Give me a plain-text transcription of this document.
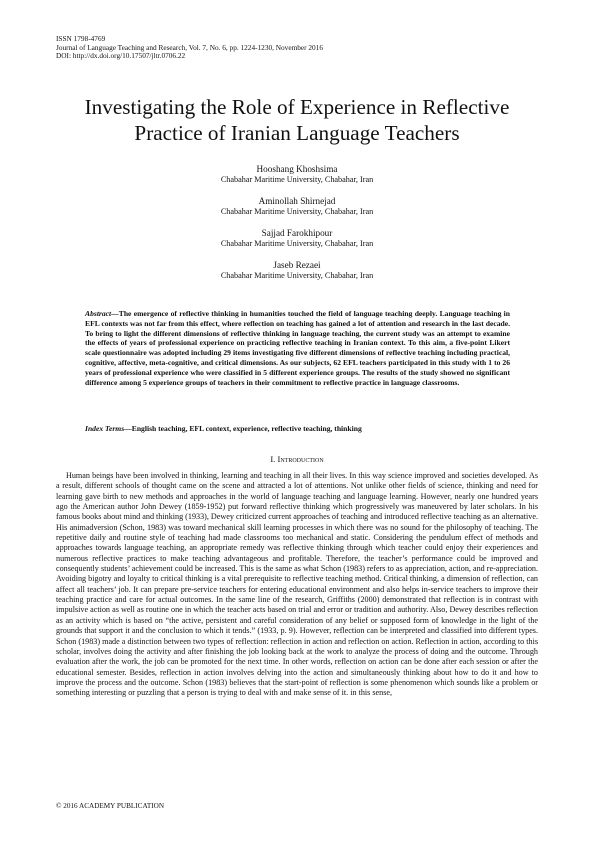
ISSN 1798-4769
Journal of Language Teaching and Research, Vol. 7, No. 6, pp. 1224-1230, November 2016
DOI: http://dx.doi.org/10.17507/jltr.0706.22
Investigating the Role of Experience in Reflective
Practice of Iranian Language Teachers
Hooshang Khoshsima
Chabahar Maritime University, Chabahar, Iran
Aminollah Shirnejad
Chabahar Maritime University, Chabahar, Iran
Sajjad Farokhipour
Chabahar Maritime University, Chabahar, Iran
Jaseb Rezaei
Chabahar Maritime University, Chabahar, Iran

Abstract—The emergence of reflective thinking in humanities touched the field of language teaching deeply. Language teaching in EFL contexts was not far from this effect, where reflection on teaching has gained a lot of attention and research in the last decade. To bring to light the different dimensions of reflective thinking in language teaching, the current study was an attempt to examine the effects of years of professional experience on practicing reflective teaching in Iranian context. To this aim, a five-point Likert scale questionnaire was adopted including 29 items investigating five different dimensions of reflective teaching including practical, cognitive, affective, meta-cognitive, and critical dimensions. As our subjects, 62 EFL teachers participated in this study with 1 to 26 years of professional experience who were classified in 5 different experience groups. The results of the study showed no significant difference among 5 experience groups of teachers in their commitment to reflective practice in language classrooms.

Index Terms—English teaching, EFL context, experience, reflective teaching, thinking

I. Introduction

Human beings have been involved in thinking, learning and teaching in all their lives. In this way science improved and societies developed. As a result, different schools of thought came on the scene and attracted a lot of attentions. Not unlike other fields of science, thinking and need for learning gave birth to new methods and approaches in the world of language teaching and language learning. However, nearly one hundred years ago the American author John Dewey (1859-1952) put forward reflective thinking which progressively was maneuvered by later scholars. In his famous books about mind and thinking (1933), Dewey criticized current approaches of teaching and introduced reflective teaching as an alternative. His animadversion (Schon, 1983) was toward mechanical skill learning processes in which there was no sound for the philosophy of teaching. The repetitive daily and routine style of teaching had made classrooms too mechanical and static. Considering the pendulum effect of methods and approaches towards language teaching, an appropriate remedy was reflective thinking through which teacher could enjoy their experiences and numerous reflective practices to make teaching advantageous and profitable. Therefore, the teacher’s performance could be improved and consequently students’ achievement could be increased. This is the same as what Schon (1983) refers to as appreciation, action, and re-appreciation. Avoiding bigotry and loyalty to critical thinking is a vital prerequisite to reflective teaching method. Critical thinking, a dimension of reflection, can affect all teachers’ job. It can prepare pre-service teachers for entering educational environment and also helps in-service teachers to improve their teaching practice and care for actual outcomes. In the same line of the research, Griffiths (2000) demonstrated that reflection is in contrast with impulsive action as well as routine one in which the teacher acts based on trial and error or tradition and authority. Also, Dewey describes reflection as an activity which is based on “the active, persistent and careful consideration of any belief or supposed form of knowledge in the light of the grounds that support it and the conclusion to which it tends.” (1933, p. 9). However, reflection can be interpreted and classified into different types. Schon (1983) made a distinction between two types of reflection: reflection in action and reflection on action. Reflection in action, according to this scholar, involves doing the activity and after finishing the job looking back at the work to analyze the process of doing and the outcome. Through evaluation after the work, the job can be promoted for the next time. In other words, reflection on action can be done after each session or after the educational semester. Besides, reflection in action involves delving into the action and simultaneously thinking about how to do it and how to improve the process and the outcome. Schon (1983) believes that the start-point of reflection is some phenomenon which sounds like a problem or something interesting or puzzling that a person is trying to deal with and make sense of it. in this sense,

© 2016 ACADEMY PUBLICATION
